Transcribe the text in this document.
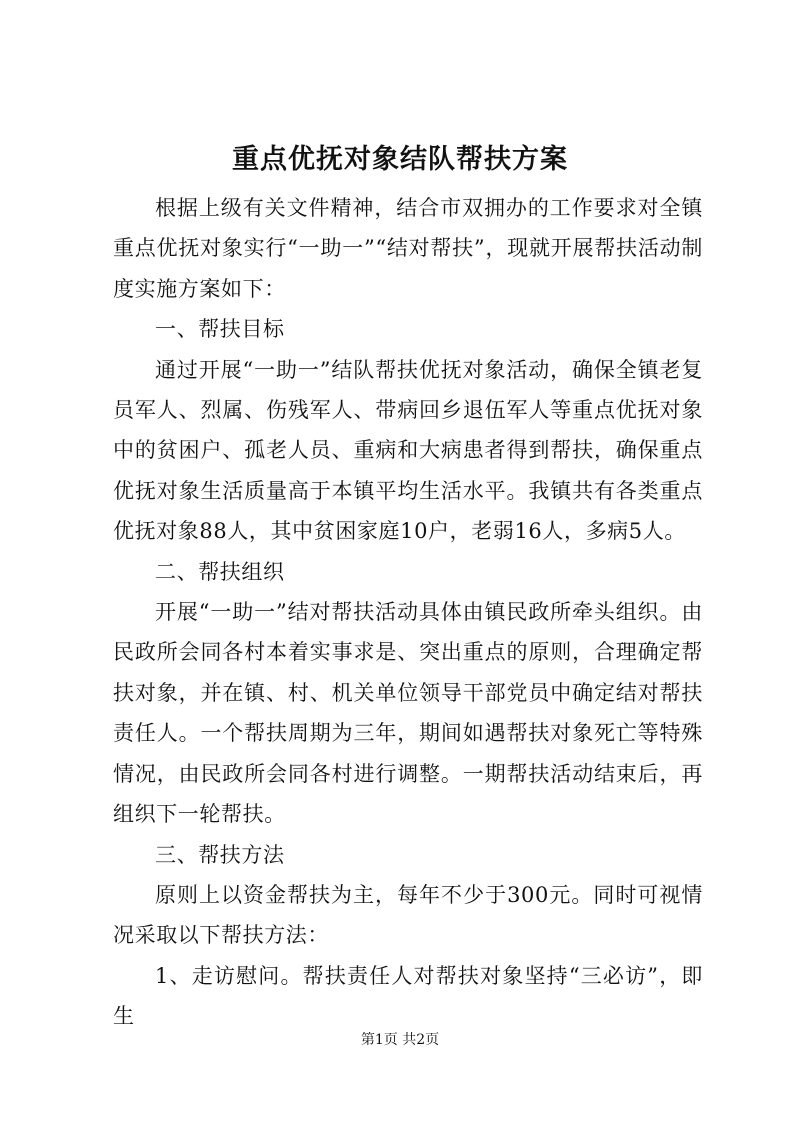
重点优抚对象结队帮扶方案

根据上级有关文件精神，结合市双拥办的工作要求对全镇重点优抚对象实行“一助一”“结对帮扶”，现就开展帮扶活动制度实施方案如下：

一、帮扶目标

通过开展“一助一”结队帮扶优抚对象活动，确保全镇老复员军人、烈属、伤残军人、带病回乡退伍军人等重点优抚对象中的贫困户、孤老人员、重病和大病患者得到帮扶，确保重点优抚对象生活质量高于本镇平均生活水平。我镇共有各类重点优抚对象88人，其中贫困家庭10户，老弱16人，多病5人。

二、帮扶组织

开展“一助一”结对帮扶活动具体由镇民政所牵头组织。由民政所会同各村本着实事求是、突出重点的原则，合理确定帮扶对象，并在镇、村、机关单位领导干部党员中确定结对帮扶责任人。一个帮扶周期为三年，期间如遇帮扶对象死亡等特殊情况，由民政所会同各村进行调整。一期帮扶活动结束后，再组织下一轮帮扶。

三、帮扶方法

原则上以资金帮扶为主，每年不少于300元。同时可视情况采取以下帮扶方法：

1、走访慰问。帮扶责任人对帮扶对象坚持“三必访”，即生

第1页 共2页
